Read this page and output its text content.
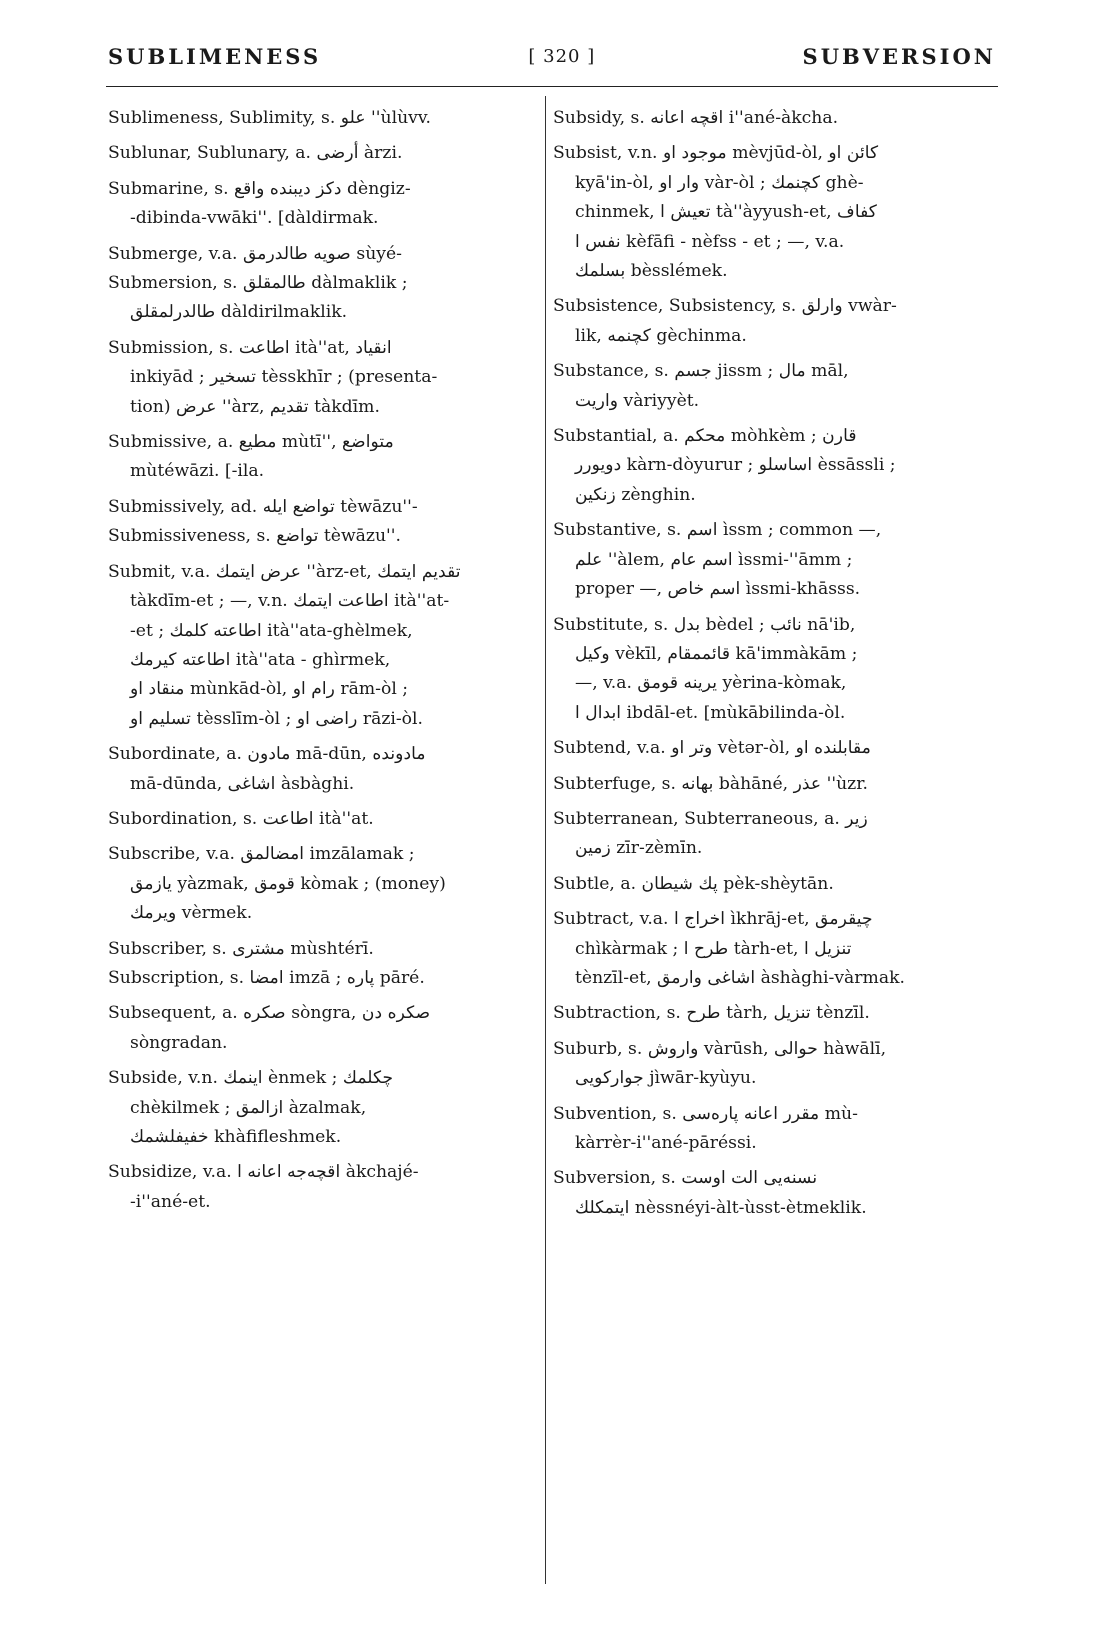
SUBLIMENESS	[ 320 ]	SUBVERSION
Sublimeness, Sublimity, s. علو ''ùlùvv.
Sublunar, Sublunary, a. أرضى àrzi.
Submarine, s. دكز ديبنده واقع dèngiz-
-dibinda-vwāki''. [dàldirmak.
Submerge, v.a. صويه طالدرمق sùyé-
Submersion, s. طالمقلق dàlmaklik ;
طالدرلمقلق dàldirilmaklik.
Submission, s. اطاعت ità''at, انقياد
inkiyād ; تسخير tèsskhīr ; (presenta-
tion) عرض ''àrz, تقديم tàkdīm.
Submissive, a. مطيع mùtī'', متواضع
mùtéwāzi. [-ila.
Submissively, ad. تواضع ايله tèwāzu''-
Submissiveness, s. تواضع tèwāzu''.
Submit, v.a. عرض ايتمك ''àrz-et, تقديم ايتمك
tàkdīm-et ; —, v.n. اطاعت ايتمك ità''at-
-et ; اطاعته كلمك ità''ata-ghèlmek,
اطاعته كيرمك ità''ata - ghìrmek,
منقاد او mùnkād-òl, رام او rām-òl ;
تسليم او tèsslīm-òl ; راضى او rāzi-òl.
Subordinate, a. مادون mā-dūn, مادونده
mā-dūnda, اشاغى àsbàghi.
Subordination, s. اطاعت ità''at.
Subscribe, v.a. امضالمق imzālamak ;
يازمق yàzmak, قومق kòmak ; (money)
ويرمك vèrmek.
Subscriber, s. مشترى mùshtérī.
Subscription, s. امضا imzā ; پاره pāré.
Subsequent, a. صكره sòngra, صكره دن
sòngradan.
Subside, v.n. اينمك ènmek ; چكلمك
chèkilmek ; ازالمق àzalmak,
خفيفلشمك khàfifleshmek.
Subsidize, v.a. اقچه‌جه اعانه ا àkchajé-
-i''ané-et.
Subsidy, s. اقچه اعانه i''ané-àkcha.
Subsist, v.n. موجود او mèvjūd-òl, كائن او
kyā'in-òl, وار او vàr-òl ; كچنمك ghè-
chinmek, تعيش ا tà''àyyush-et, كفاف
نفس ا kèfāfi - nèfss - et ; —, v.a.
بسلمك bèsslémek.
Subsistence, Subsistency, s. وارلق vwàr-
lik, كچنمه gèchinma.
Substance, s. جسم jissm ; مال māl,
واريت vàriyyèt.
Substantial, a. محكم mòhkèm ; قارن
دويورر kàrn-dòyurur ; اساسلو èssāssli ;
زنكين zènghin.
Substantive, s. اسم ìssm ; common —,
علم ''àlem, اسم عام ìssmi-''āmm ;
proper —, اسم خاص ìssmi-khāsss.
Substitute, s. بدل bèdel ; نائب nā'ib,
وكيل vèkīl, قائممقام kā'immàkām ;
—, v.a. يرينه قومق yèrina-kòmak,
ابدال ا ibdāl-et. [mùkābilinda-òl.
Subtend, v.a. وتر او vètər-òl, مقابلنده او
Subterfuge, s. بهانه bàhāné, عذر ''ùzr.
Subterranean, Subterraneous, a. زير
زمين zīr-zèmīn.
Subtle, a. پك شيطان pèk-shèytān.
Subtract, v.a. اخراج ا ìkhrāj-et, چيقرمق
chìkàrmak ; طرح ا tàrh-et, تنزيل ا
tènzīl-et, اشاغى وارمق àshàghi-vàrmak.
Subtraction, s. طرح tàrh, تنزيل tènzīl.
Suburb, s. واروش vàrūsh, حوالى hàwālī,
جواركويى jìwār-kyùyu.
Subvention, s. مقرر اعانه پاره‌سى mù-
kàrrèr-i''ané-pāréssi.
Subversion, s. نسنه‌يى الت اوست
ايتمكلك nèssnéyi-àlt-ùsst-ètmeklik.
